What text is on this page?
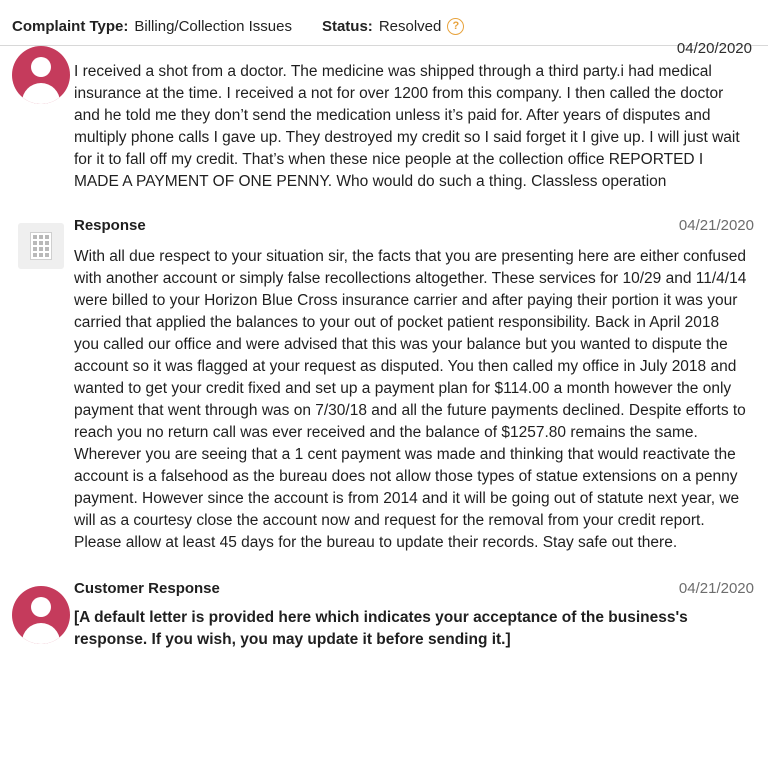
Complaint Type: Billing/Collection Issues Status: Resolved	?
04/20/2020

I received a shot from a doctor. The medicine was shipped through a third party.i had medical insurance at the time. I received a not for over 1200 from this company. I then called the doctor and he told me they don’t send the medication unless it’s paid for. After years of disputes and multiply phone calls I gave up. They destroyed my credit so I said forget it I give up. I will just wait for it to fall off my credit. That’s when these nice people at the collection office REPORTED I MADE A PAYMENT OF ONE PENNY. Who would do such a thing. Classless operation

Response	04/21/2020

With all due respect to your situation sir, the facts that you are presenting here are either confused with another account or simply false recollections altogether. These services for 10/29 and 11/4/14 were billed to your Horizon Blue Cross insurance carrier and after paying their portion it was your carried that applied the balances to your out of pocket patient responsibility. Back in April 2018 you called our office and were advised that this was your balance but you wanted to dispute the account so it was flagged at your request as disputed. You then called my office in July 2018 and wanted to get your credit fixed and set up a payment plan for $114.00 a month however the only payment that went through was on 7/30/18 and all the future payments declined. Despite efforts to reach you no return call was ever received and the balance of $1257.80 remains the same. Wherever you are seeing that a 1 cent payment was made and thinking that would reactivate the account is a falsehood as the bureau does not allow those types of statue extensions on a penny payment. However since the account is from 2014 and it will be going out of statute next year, we will as a courtesy close the account now and request for the removal from your credit report. Please allow at least 45 days for the bureau to update their records. Stay safe out there.

Customer Response	04/21/2020

[A default letter is provided here which indicates your acceptance of the business's response. If you wish, you may update it before sending it.]
